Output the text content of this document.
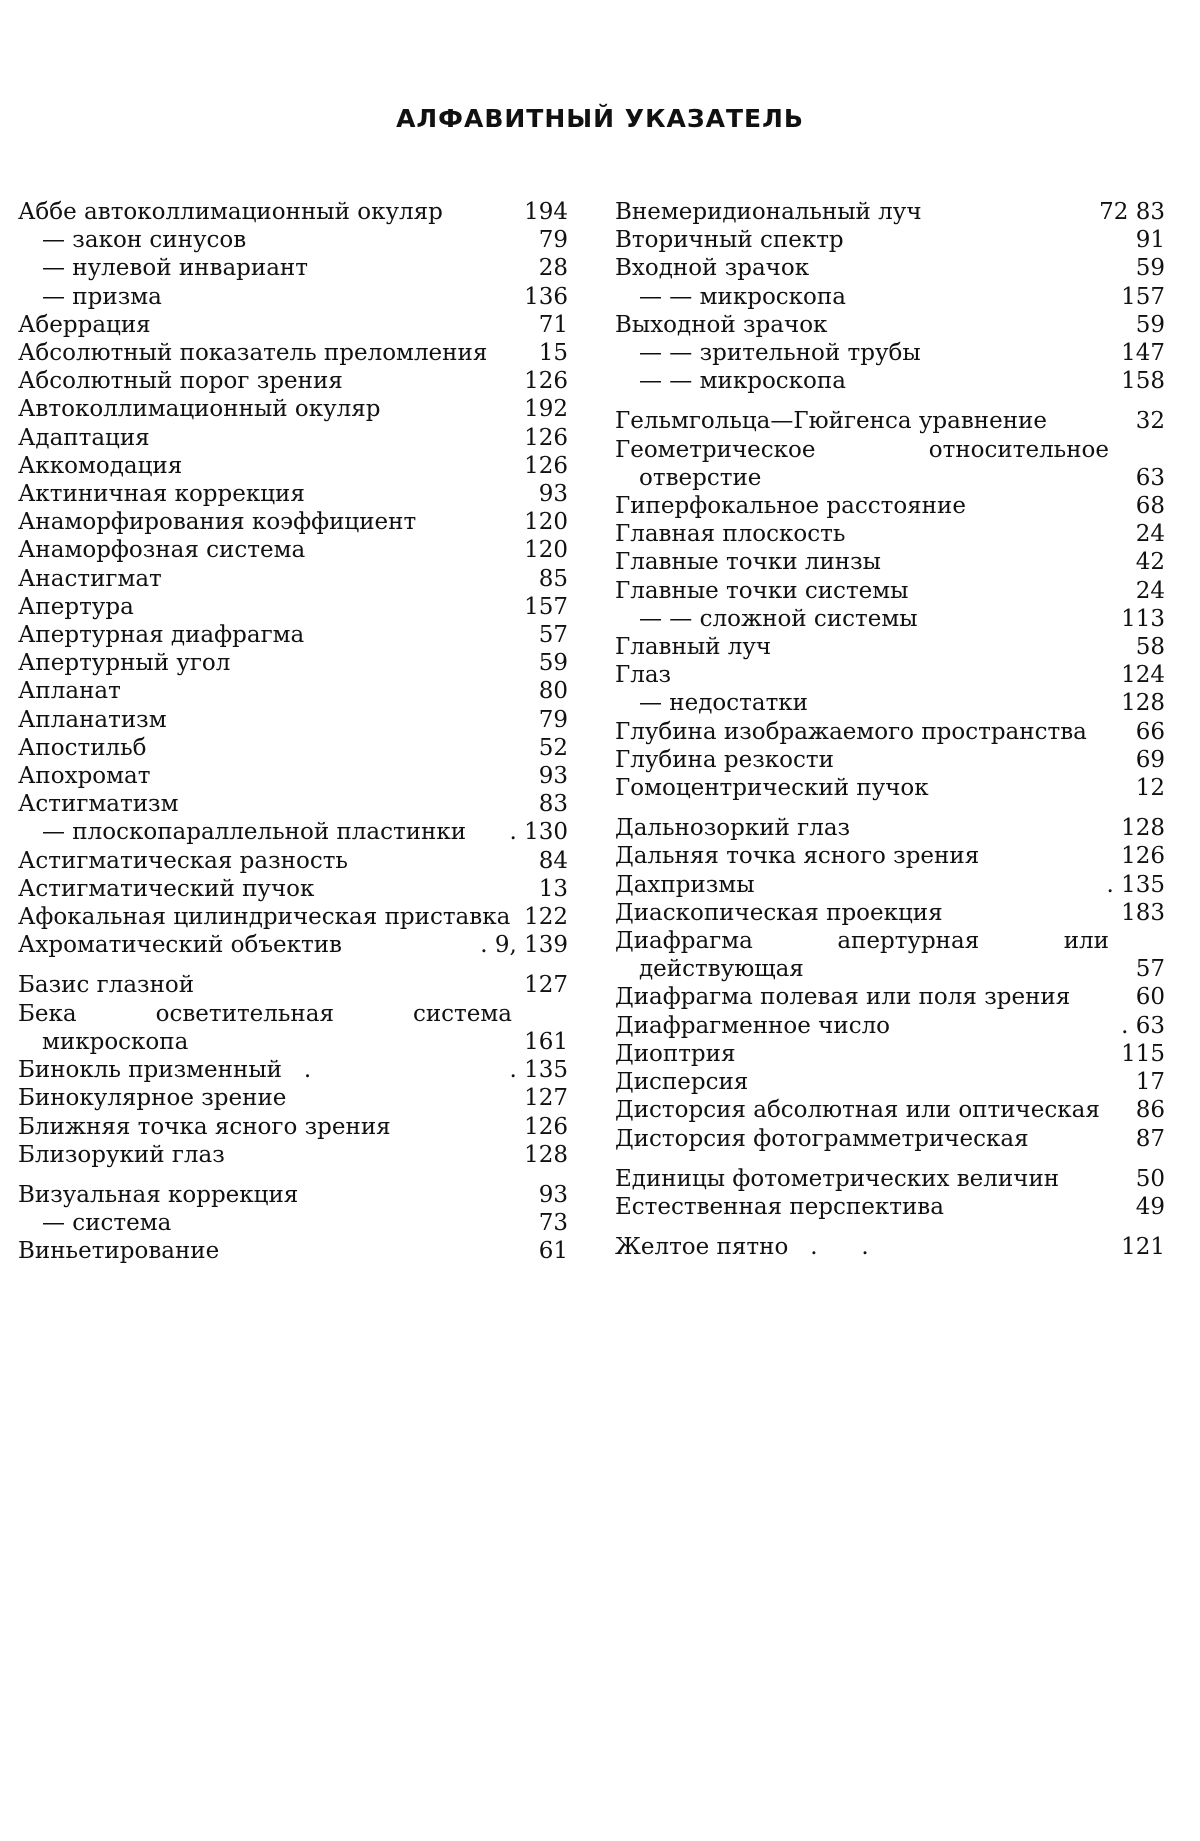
АЛФАВИТНЫЙ УКАЗАТЕЛЬ
Аббе автоколлимационный окуляр	194
— закон синусов	79
— нулевой инвариант	28
— призма	136
Аберрация	71
Абсолютный показатель преломления	15
Абсолютный порог зрения	126
Автоколлимационный окуляр	192
Адаптация	126
Аккомодация	126
Актиничная коррекция	93
Анаморфирования коэффициент	120
Анаморфозная система	120
Анастигмат	85
Апертура	157
Апертурная диафрагма	57
Апертурный угол	59
Апланат	80
Апланатизм	79
Апостильб	52
Апохромат	93
Астигматизм	83
— плоскопараллельной пластинки	. 130
Астигматическая разность	84
Астигматический пучок	13
Афокальная цилиндрическая приставка 122
Ахроматический объектив	. 9, 139
Базис глазной	127
Бека осветительная система микроскопа	161
Бинокль призменный   .	. 135
Бинокулярное зрение	127
Ближняя точка ясного зрения	126
Близорукий глаз	128
Визуальная коррекция	93
— система	73
Виньетирование	61
Внемеридиональный луч	72 83
Вторичный спектр	91
Входной зрачок	59
— — микроскопа	157
Выходной зрачок	59
— — зрительной трубы	147
— — микроскопа	158
Гельмгольца—Гюйгенса уравнение	32
Геометрическое относительное отверстие	63
Гиперфокальное расстояние	68
Главная плоскость	24
Главные точки линзы	42
Главные точки системы	24
— — сложной системы	113
Главный луч	58
Глаз	124
— недостатки	128
Глубина изображаемого пространства	66
Глубина резкости	69
Гомоцентрический пучок	12
Дальнозоркий глаз	128
Дальняя точка ясного зрения	126
Дахпризмы	. 135
Диаскопическая проекция	183
Диафрагма апертурная или действующая	57
Диафрагма полевая или поля зрения	60
Диафрагменное число	. 63
Диоптрия	115
Дисперсия	17
Дисторсия абсолютная или оптическая	86
Дисторсия фотограмметрическая	87
Единицы фотометрических величин	50
Естественная перспектива	49
Желтое пятно   .      .	121
